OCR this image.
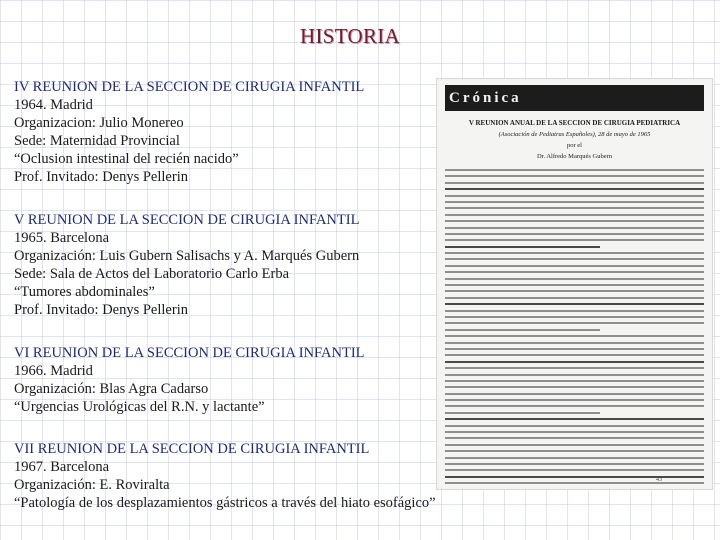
HISTORIA
Crónica
V REUNION ANUAL DE LA SECCION DE CIRUGIA PEDIATRICA
(Asociación de Pediatras Españoles), 28 de mayo de 1965
por el
Dr. Alfredo Marqués Gubern
43
IV REUNION DE LA SECCION DE CIRUGIA INFANTIL
1964. Madrid
Organizacion: Julio Monereo
Sede: Maternidad Provincial
“Oclusion intestinal del recién nacido”
Prof. Invitado: Denys Pellerin
V REUNION DE LA SECCION DE CIRUGIA INFANTIL
1965. Barcelona
Organización: Luis Gubern Salisachs y A. Marqués Gubern
Sede: Sala de Actos del Laboratorio Carlo Erba
“Tumores abdominales”
Prof. Invitado: Denys Pellerin
VI REUNION DE LA SECCION DE CIRUGIA INFANTIL
1966. Madrid
Organización: Blas Agra Cadarso
“Urgencias Urológicas del R.N. y lactante”
VII REUNION DE LA SECCION DE CIRUGIA INFANTIL
1967. Barcelona
Organización: E. Roviralta
“Patología de los desplazamientos gástricos a través del hiato esofágico”
